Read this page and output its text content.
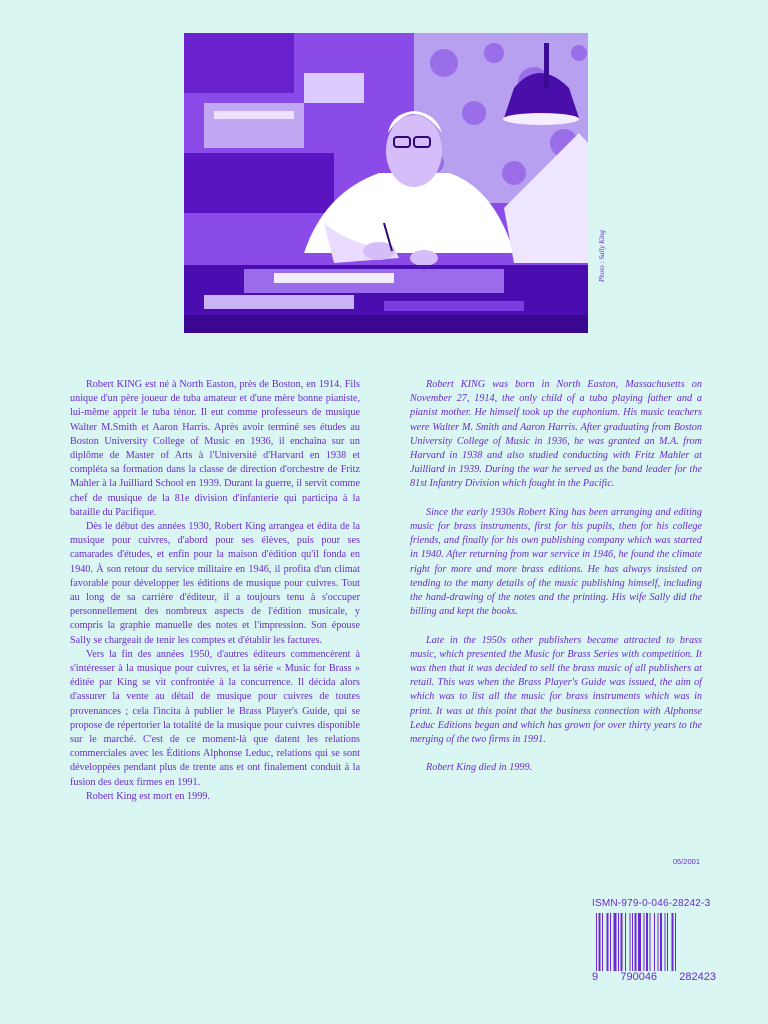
Photo : Sally King

Robert KING est né à North Easton, près de Boston, en 1914. Fils unique d'un père joueur de tuba amateur et d'une mère bonne pianiste, lui-même apprit le tuba ténor. Il eut comme professeurs de musique Walter M.Smith et Aaron Harris. Après avoir terminé ses études au Boston University College of Music en 1936, il enchaîna sur un diplôme de Master of Arts à l'Université d'Harvard en 1938 et compléta sa formation dans la classe de direction d'orchestre de Fritz Mahler à la Juilliard School en 1939. Durant la guerre, il servit comme chef de musique de la 81e division d'infanterie qui participa à la bataille du Pacifique.

Dès le début des années 1930, Robert King arrangea et édita de la musique pour cuivres, d'abord pour ses élèves, puis pour ses camarades d'études, et enfin pour la maison d'édition qu'il fonda en 1940. À son retour du service militaire en 1946, il profita d'un climat favorable pour développer les éditions de musique pour cuivres. Tout au long de sa carrière d'éditeur, il a toujours tenu à s'occuper personnellement des nombreux aspects de l'édition musicale, y compris la graphie manuelle des notes et l'impression. Son épouse Sally se chargeait de tenir les comptes et d'établir les factures.

Vers la fin des années 1950, d'autres éditeurs commencèrent à s'intéresser à la musique pour cuivres, et la série « Music for Brass » éditée par King se vit confrontée à la concurrence. Il décida alors d'assurer la vente au détail de musique pour cuivres de toutes provenances ; cela l'incita à publier le Brass Player's Guide, qui se propose de répertorier la totalité de la musique pour cuivres disponible sur le marché. C'est de ce moment-là que datent les relations commerciales avec les Éditions Alphonse Leduc, relations qui se sont développées pendant plus de trente ans et ont finalement conduit à la fusion des deux firmes en 1991.

Robert King est mort en 1999.

Robert KING was born in North Easton, Massachusetts on November 27, 1914, the only child of a tuba playing father and a pianist mother. He himself took up the euphonium. His music teachers were Walter M. Smith and Aaron Harris. After graduating from Boston University College of Music in 1936, he was granted an M.A. from Harvard in 1938 and also studied conducting with Fritz Mahler at Juilliard in 1939. During the war he served as the band leader for the 81st Infantry Division which fought in the Pacific.

Since the early 1930s Robert King has been arranging and editing music for brass instruments, first for his pupils, then for his college friends, and finally for his own publishing company which was started in 1940. After returning from war service in 1946, he found the climate right for more and more brass editions. He has always insisted on tending to the many details of the music publishing himself, including the hand-drawing of the notes and the printing. His wife Sally did the billing and kept the books.

Late in the 1950s other publishers became attracted to brass music, which presented the Music for Brass Series with competition. It was then that it was decided to sell the brass music of all publishers at retail. This was when the Brass Player's Guide was issued, the aim of which was to list all the music for brass instruments which was in print. It was at this point that the business connection with Alphonse Leduc Editions began and which has grown for over thirty years to the merging of the two firms in 1991.

Robert King died in 1999.

05/2001
ISMN-979-0-046-28242-3
9 790046 282423
